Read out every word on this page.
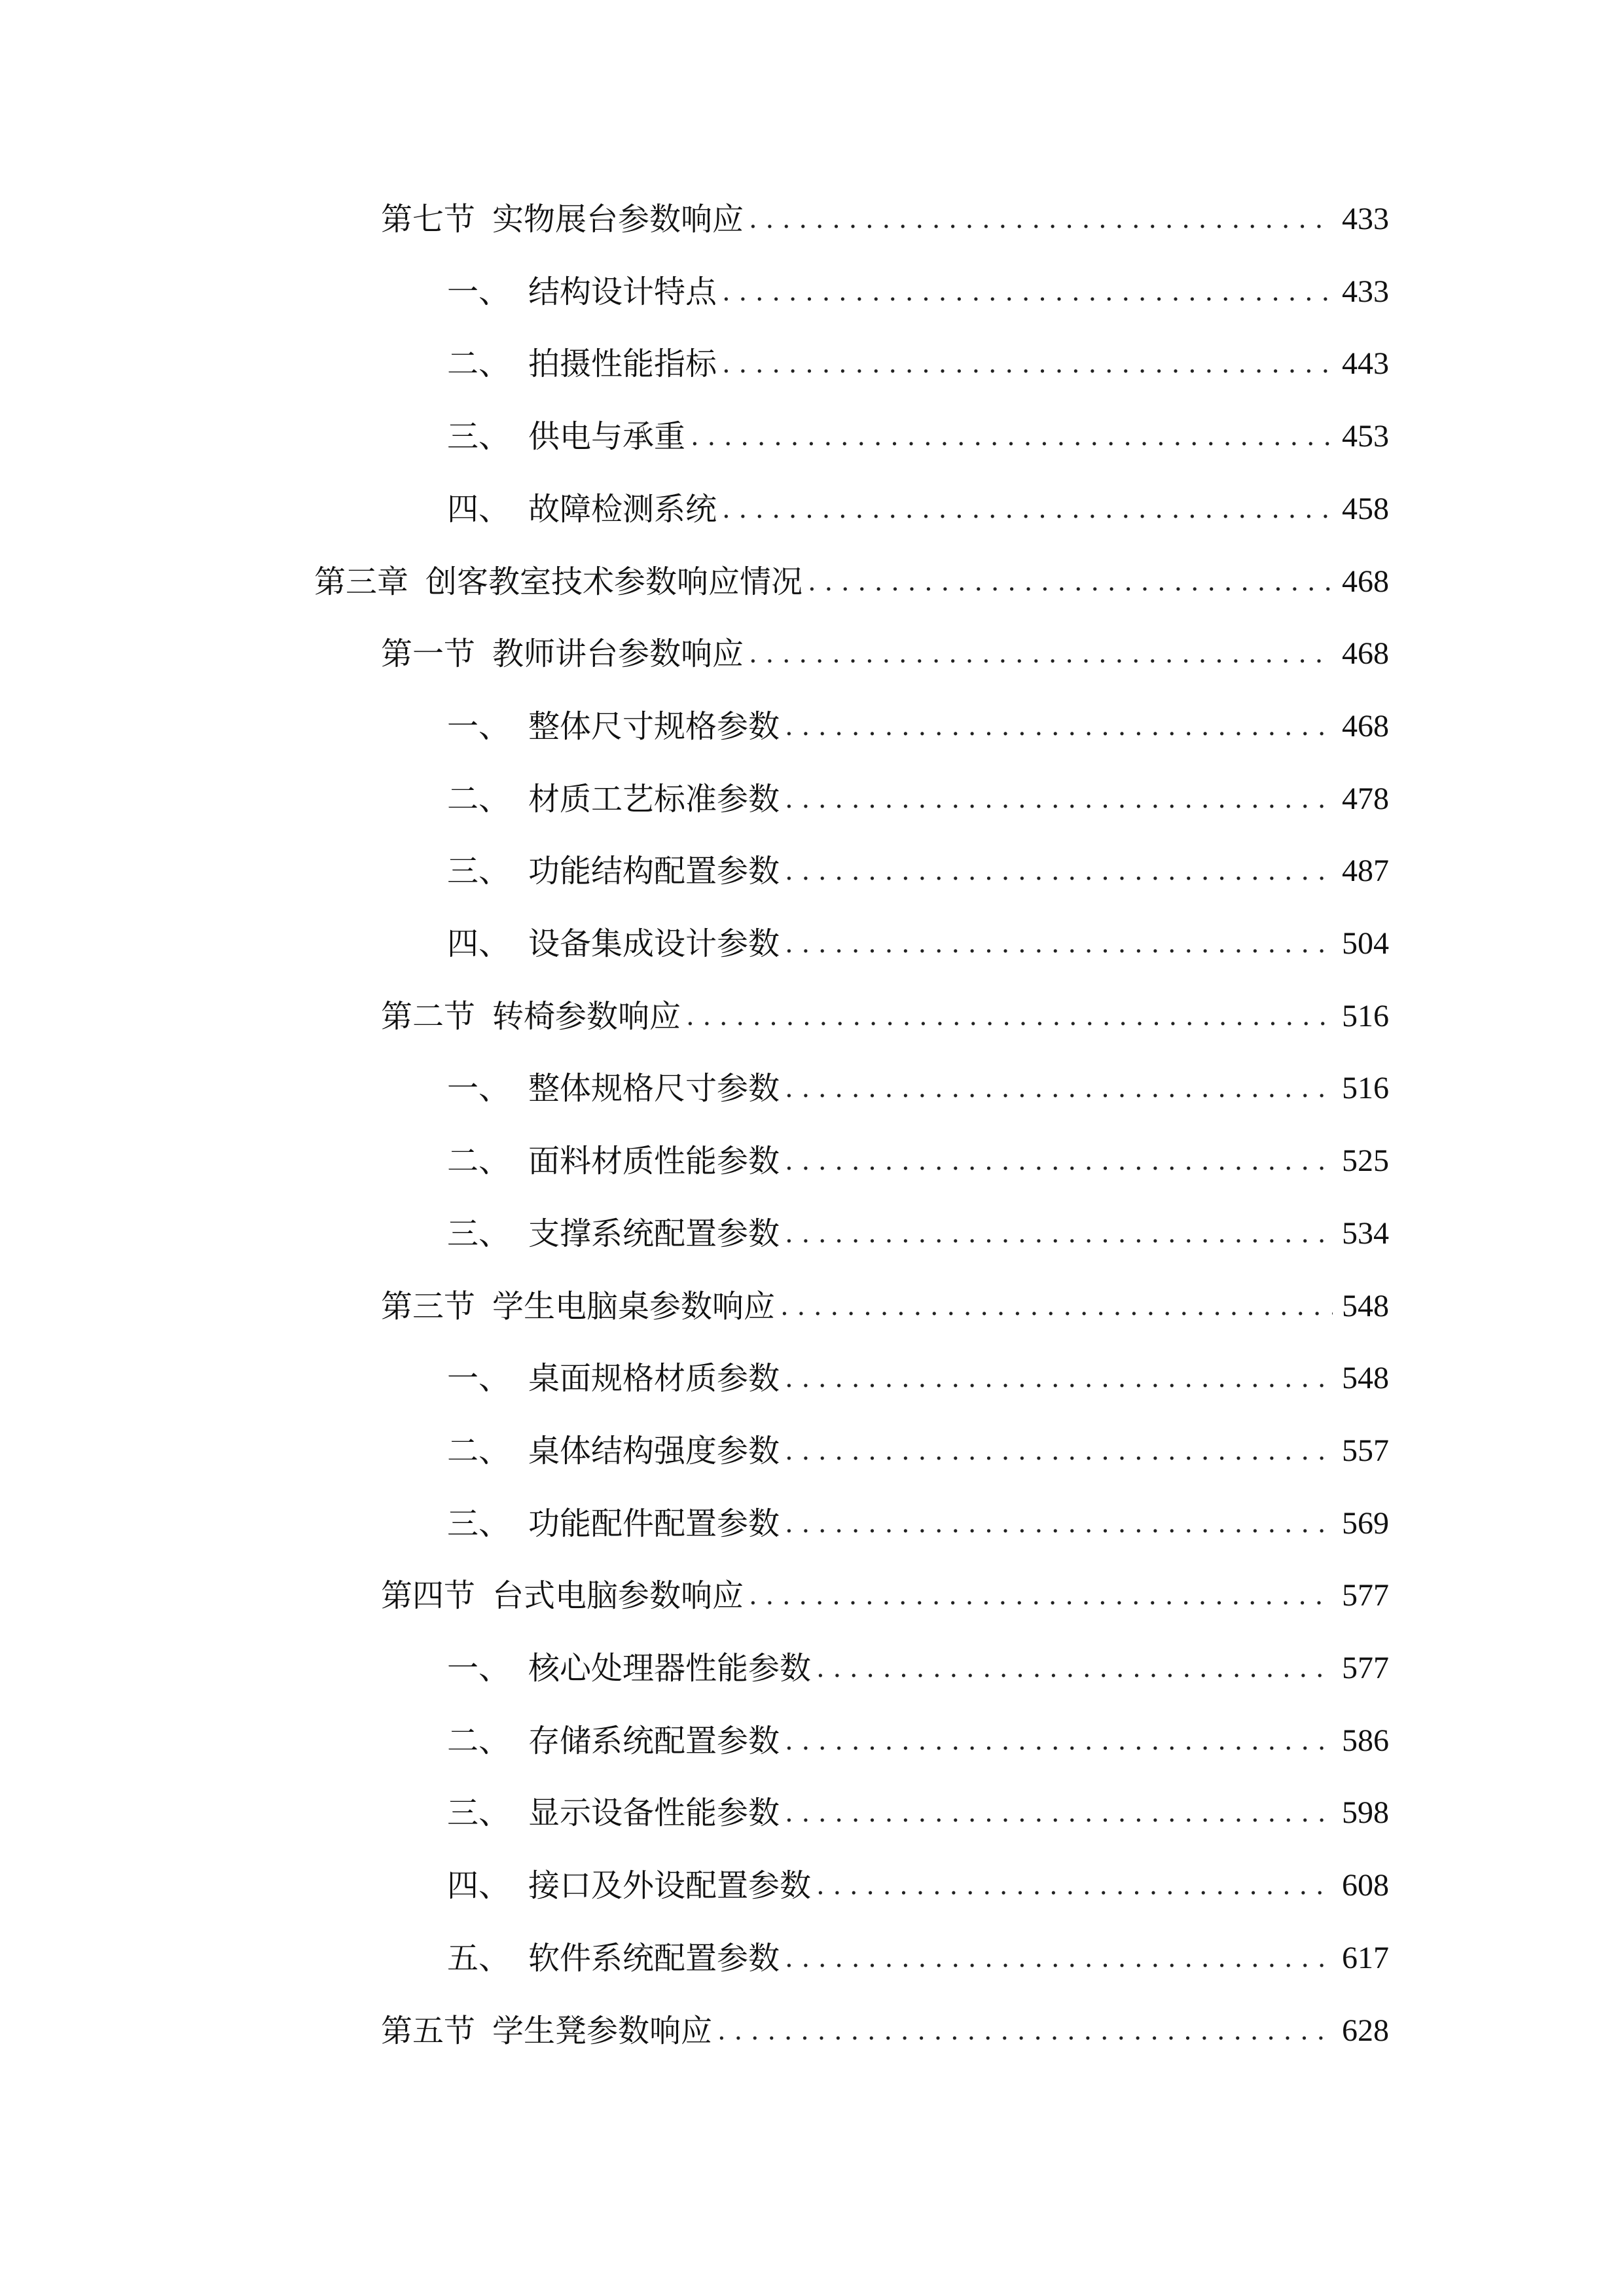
第七节 实物展台参数响应 . . .	433
一、 结构设计特点 . . .	433
二、 拍摄性能指标 . . .	443
三、 供电与承重 . . .	453
四、 故障检测系统 . . .	458
第三章 创客教室技术参数响应情况 . . .	468
第一节 教师讲台参数响应 . . .	468
一、 整体尺寸规格参数 . . .	468
二、 材质工艺标准参数 . . .	478
三、 功能结构配置参数 . . .	487
四、 设备集成设计参数 . . .	504
第二节 转椅参数响应 . . .	516
一、 整体规格尺寸参数 . . .	516
二、 面料材质性能参数 . . .	525
三、 支撑系统配置参数 . . .	534
第三节 学生电脑桌参数响应 . . .	548
一、 桌面规格材质参数 . . .	548
二、 桌体结构强度参数 . . .	557
三、 功能配件配置参数 . . .	569
第四节 台式电脑参数响应 . . .	577
一、 核心处理器性能参数 . . .	577
二、 存储系统配置参数 . . .	586
三、 显示设备性能参数 . . .	598
四、 接口及外设配置参数 . . .	608
五、 软件系统配置参数 . . .	617
第五节 学生凳参数响应 . . .	628
